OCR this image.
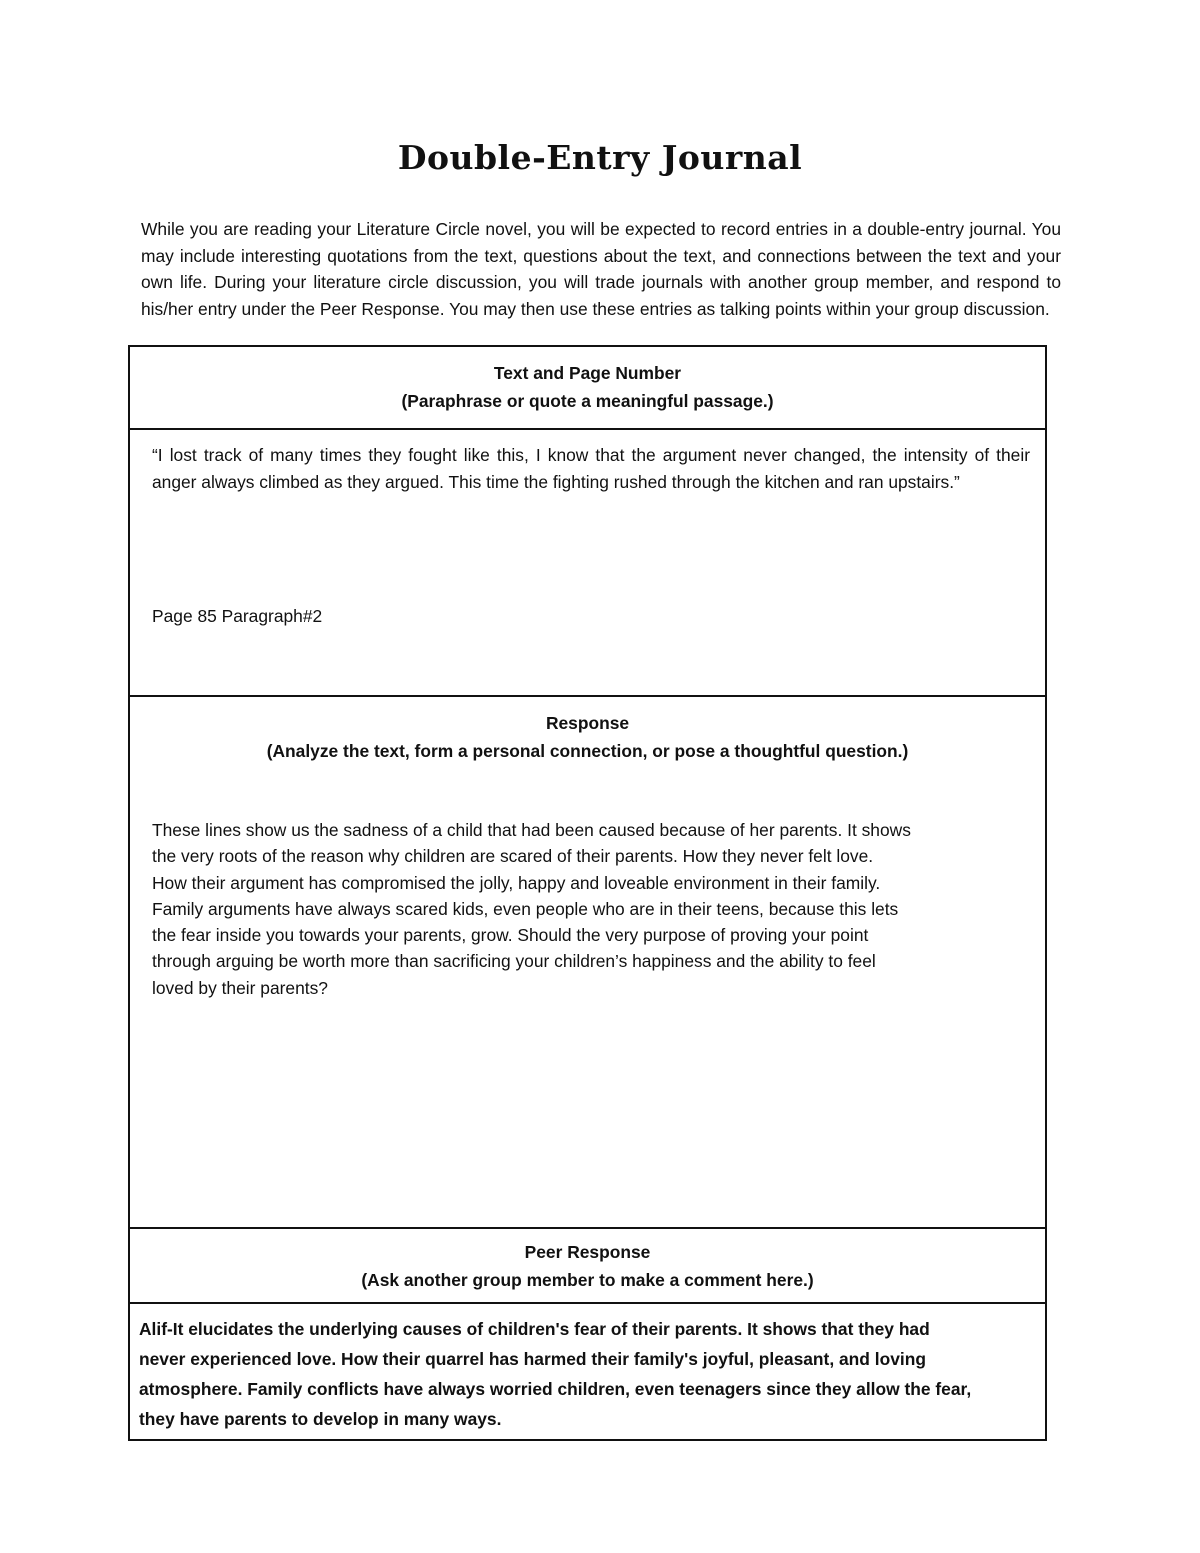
Double-Entry Journal
While you are reading your Literature Circle novel, you will be expected to record entries in a double-entry journal. You may include interesting quotations from the text, questions about the text, and connections between the text and your own life. During your literature circle discussion, you will trade journals with another group member, and respond to his/her entry under the Peer Response. You may then use these entries as talking points within your group discussion.
Text and Page Number
(Paraphrase or quote a meaningful passage.)
“I lost track of many times they fought like this, I know that the argument never changed, the intensity of their anger always climbed as they argued. This time the fighting rushed through the kitchen and ran upstairs.”
Page 85 Paragraph#2
Response
(Analyze the text, form a personal connection, or pose a thoughtful question.)
These lines show us the sadness of a child that had been caused because of her parents. It shows
the very roots of the reason why children are scared of their parents. How they never felt love.
How their argument has compromised the jolly, happy and loveable environment in their family.
Family arguments have always scared kids, even people who are in their teens, because this lets
the fear inside you towards your parents, grow. Should the very purpose of proving your point
through arguing be worth more than sacrificing your children’s happiness and the ability to feel
loved by their parents?
Peer Response
(Ask another group member to make a comment here.)
Alif-It elucidates the underlying causes of children's fear of their parents. It shows that they had
never experienced love. How their quarrel has harmed their family's joyful, pleasant, and loving
atmosphere. Family conflicts have always worried children, even teenagers since they allow the fear,
they have parents to develop in many ways.
